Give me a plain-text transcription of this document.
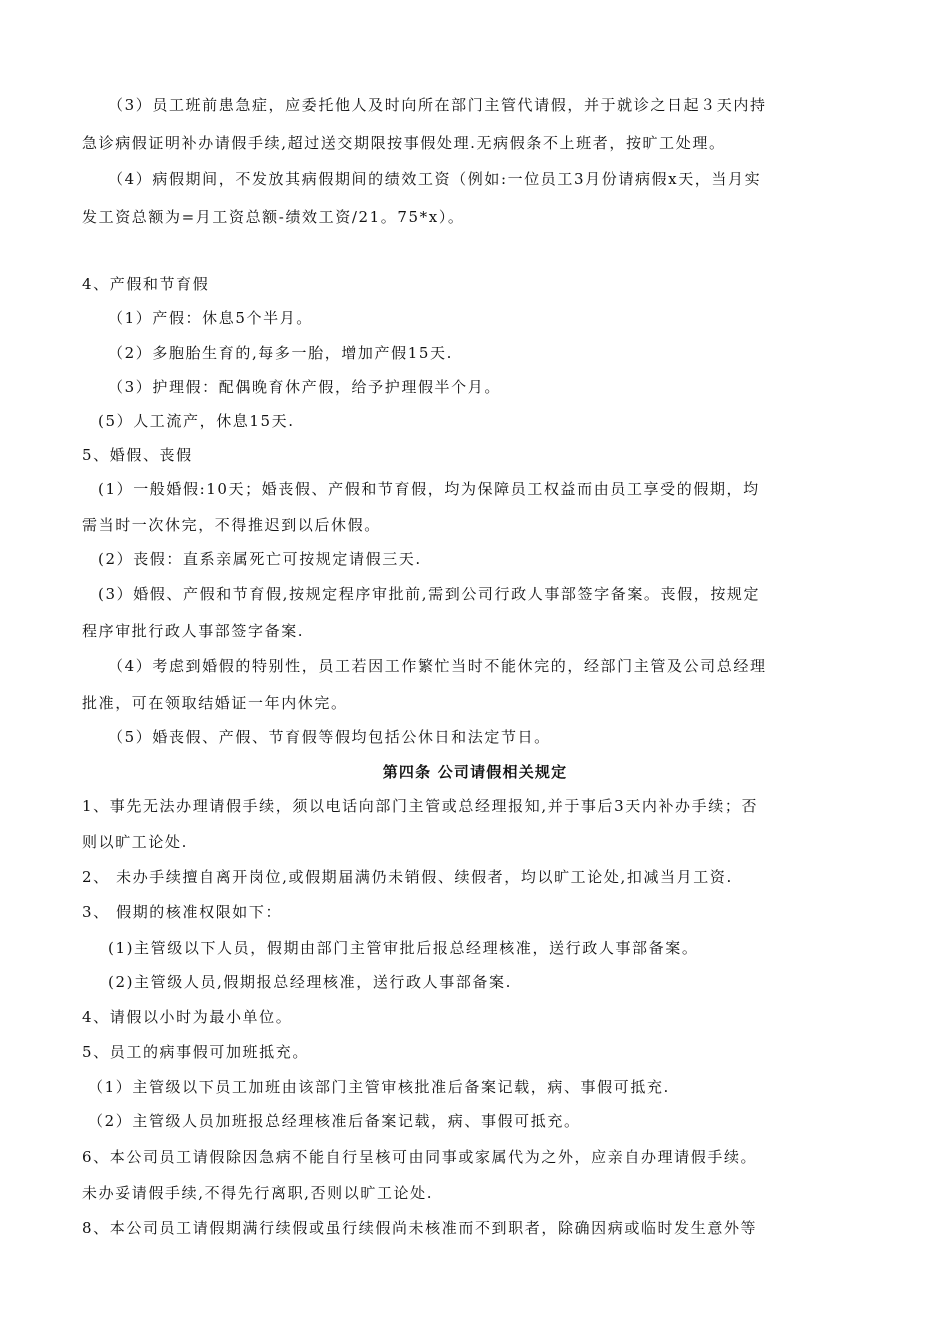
（3）员工班前患急症，应委托他人及时向所在部门主管代请假，并于就诊之日起３天内持
急诊病假证明补办请假手续,超过送交期限按事假处理.无病假条不上班者，按旷工处理。
（4）病假期间，不发放其病假期间的绩效工资（例如:一位员工3月份请病假x天，当月实
发工资总额为=月工资总额-绩效工资/21。75*x）。
4、产假和节育假
（1）产假：休息5个半月。
（2）多胞胎生育的,每多一胎，增加产假15天.
（3）护理假：配偶晚育休产假，给予护理假半个月。
(5）人工流产，休息15天.
5、婚假、丧假
(1）一般婚假:10天；婚丧假、产假和节育假，均为保障员工权益而由员工享受的假期，均
需当时一次休完，不得推迟到以后休假。
(2）丧假：直系亲属死亡可按规定请假三天.
(3）婚假、产假和节育假,按规定程序审批前,需到公司行政人事部签字备案。丧假，按规定
程序审批行政人事部签字备案.
（4）考虑到婚假的特别性，员工若因工作繁忙当时不能休完的，经部门主管及公司总经理
批准，可在领取结婚证一年内休完。
（5）婚丧假、产假、节育假等假均包括公休日和法定节日。
第四条 公司请假相关规定
1、事先无法办理请假手续，须以电话向部门主管或总经理报知,并于事后3天内补办手续；否
则以旷工论处.
2、 未办手续擅自离开岗位,或假期届满仍未销假、续假者，均以旷工论处,扣减当月工资.
3、 假期的核准权限如下：
(1)主管级以下人员，假期由部门主管审批后报总经理核准，送行政人事部备案。
(2)主管级人员,假期报总经理核准，送行政人事部备案.
4、请假以小时为最小单位。
5、员工的病事假可加班抵充。
（1）主管级以下员工加班由该部门主管审核批准后备案记载，病、事假可抵充.
（2）主管级人员加班报总经理核准后备案记载，病、事假可抵充。
6、本公司员工请假除因急病不能自行呈核可由同事或家属代为之外，应亲自办理请假手续。
未办妥请假手续,不得先行离职,否则以旷工论处.
8、本公司员工请假期满行续假或虽行续假尚未核准而不到职者，除确因病或临时发生意外等
